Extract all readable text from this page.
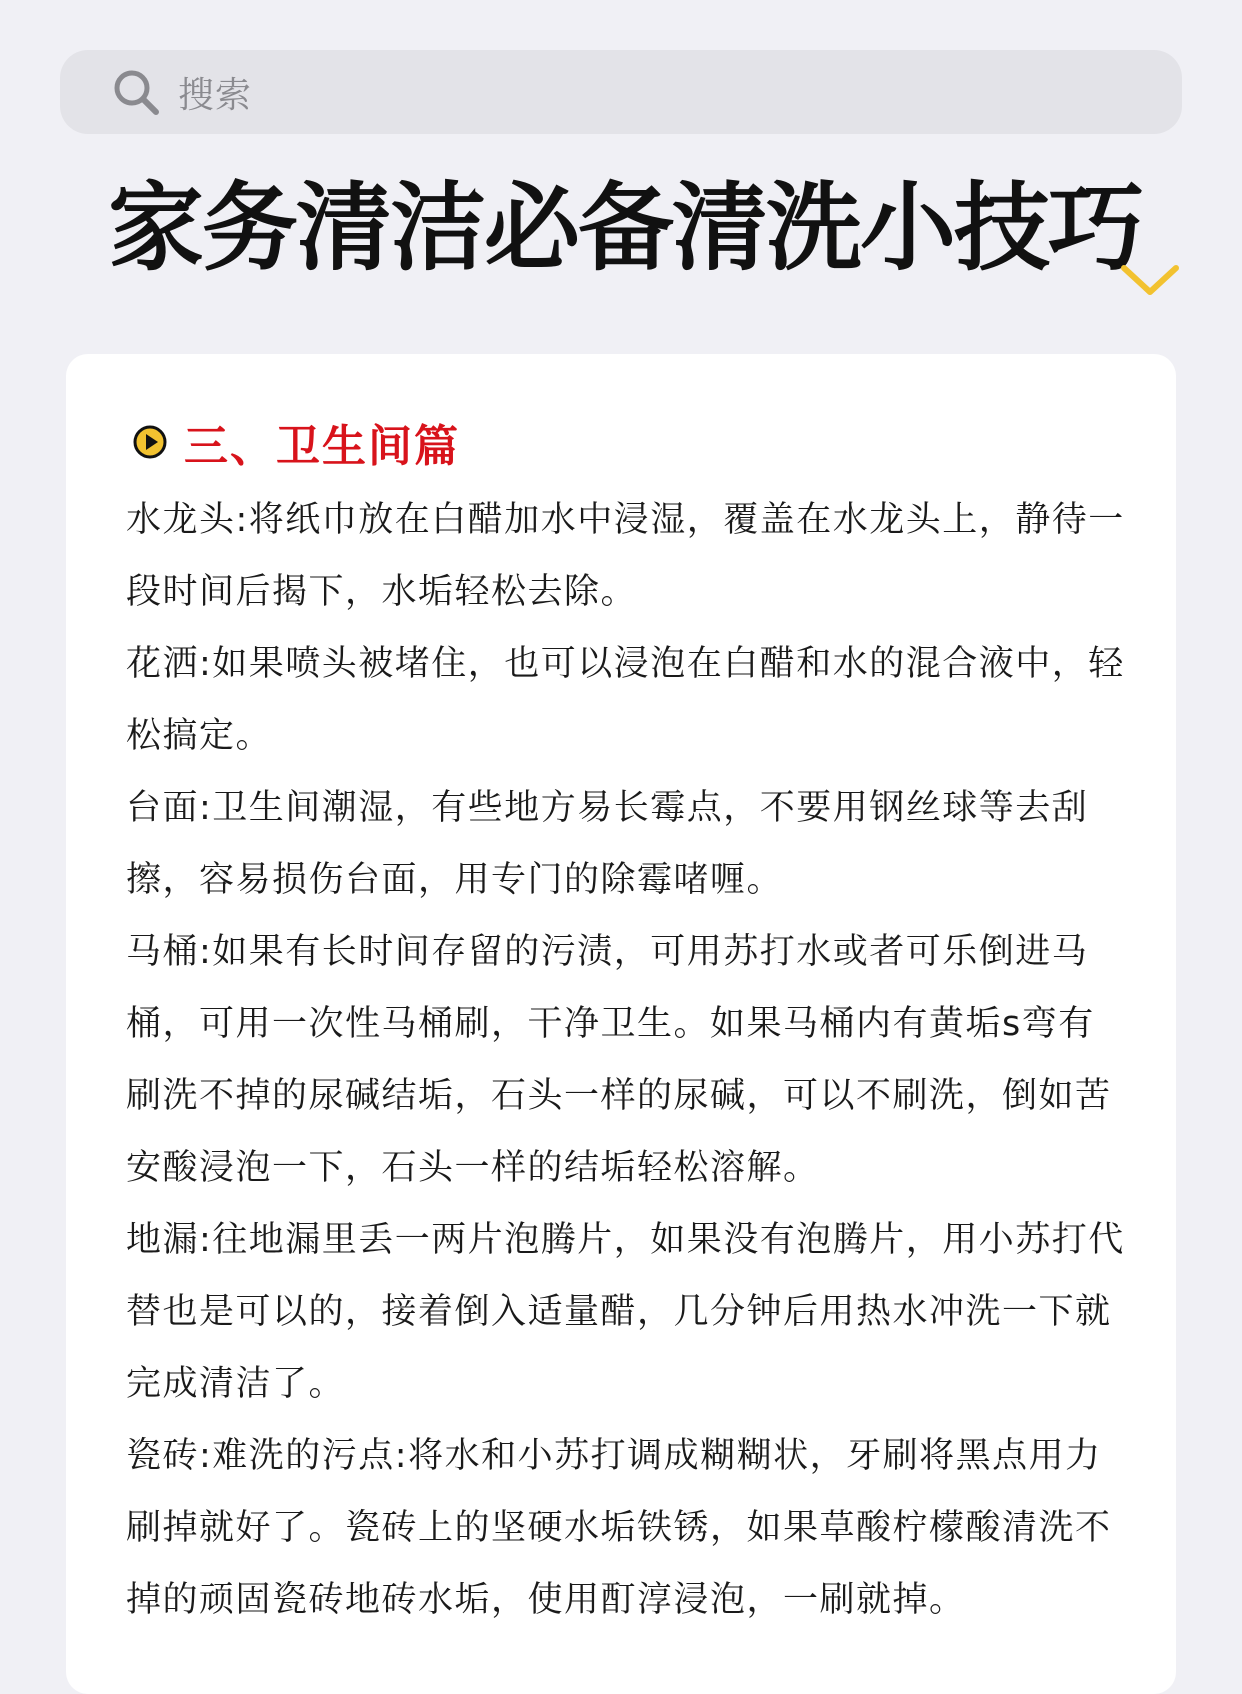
搜索
家务清洁必备清洗小技巧
三、卫生间篇

水龙头:将纸巾放在白醋加水中浸湿，覆盖在水龙头上，静待一段时间后揭下，水垢轻松去除。

花洒:如果喷头被堵住，也可以浸泡在白醋和水的混合液中，轻松搞定。

台面:卫生间潮湿，有些地方易长霉点，不要用钢丝球等去刮擦，容易损伤台面，用专门的除霉啫喱。

马桶:如果有长时间存留的污渍，可用苏打水或者可乐倒进马桶，可用一次性马桶刷，干净卫生。如果马桶内有黄垢s弯有刷洗不掉的尿碱结垢，石头一样的尿碱，可以不刷洗，倒如苦安酸浸泡一下，石头一样的结垢轻松溶解。

地漏:往地漏里丢一两片泡腾片，如果没有泡腾片，用小苏打代替也是可以的，接着倒入适量醋，几分钟后用热水冲洗一下就完成清洁了。

瓷砖:难洗的污点:将水和小苏打调成糊糊状，牙刷将黑点用力刷掉就好了。瓷砖上的坚硬水垢铁锈，如果草酸柠檬酸清洗不掉的顽固瓷砖地砖水垢，使用酊淳浸泡，一刷就掉。
